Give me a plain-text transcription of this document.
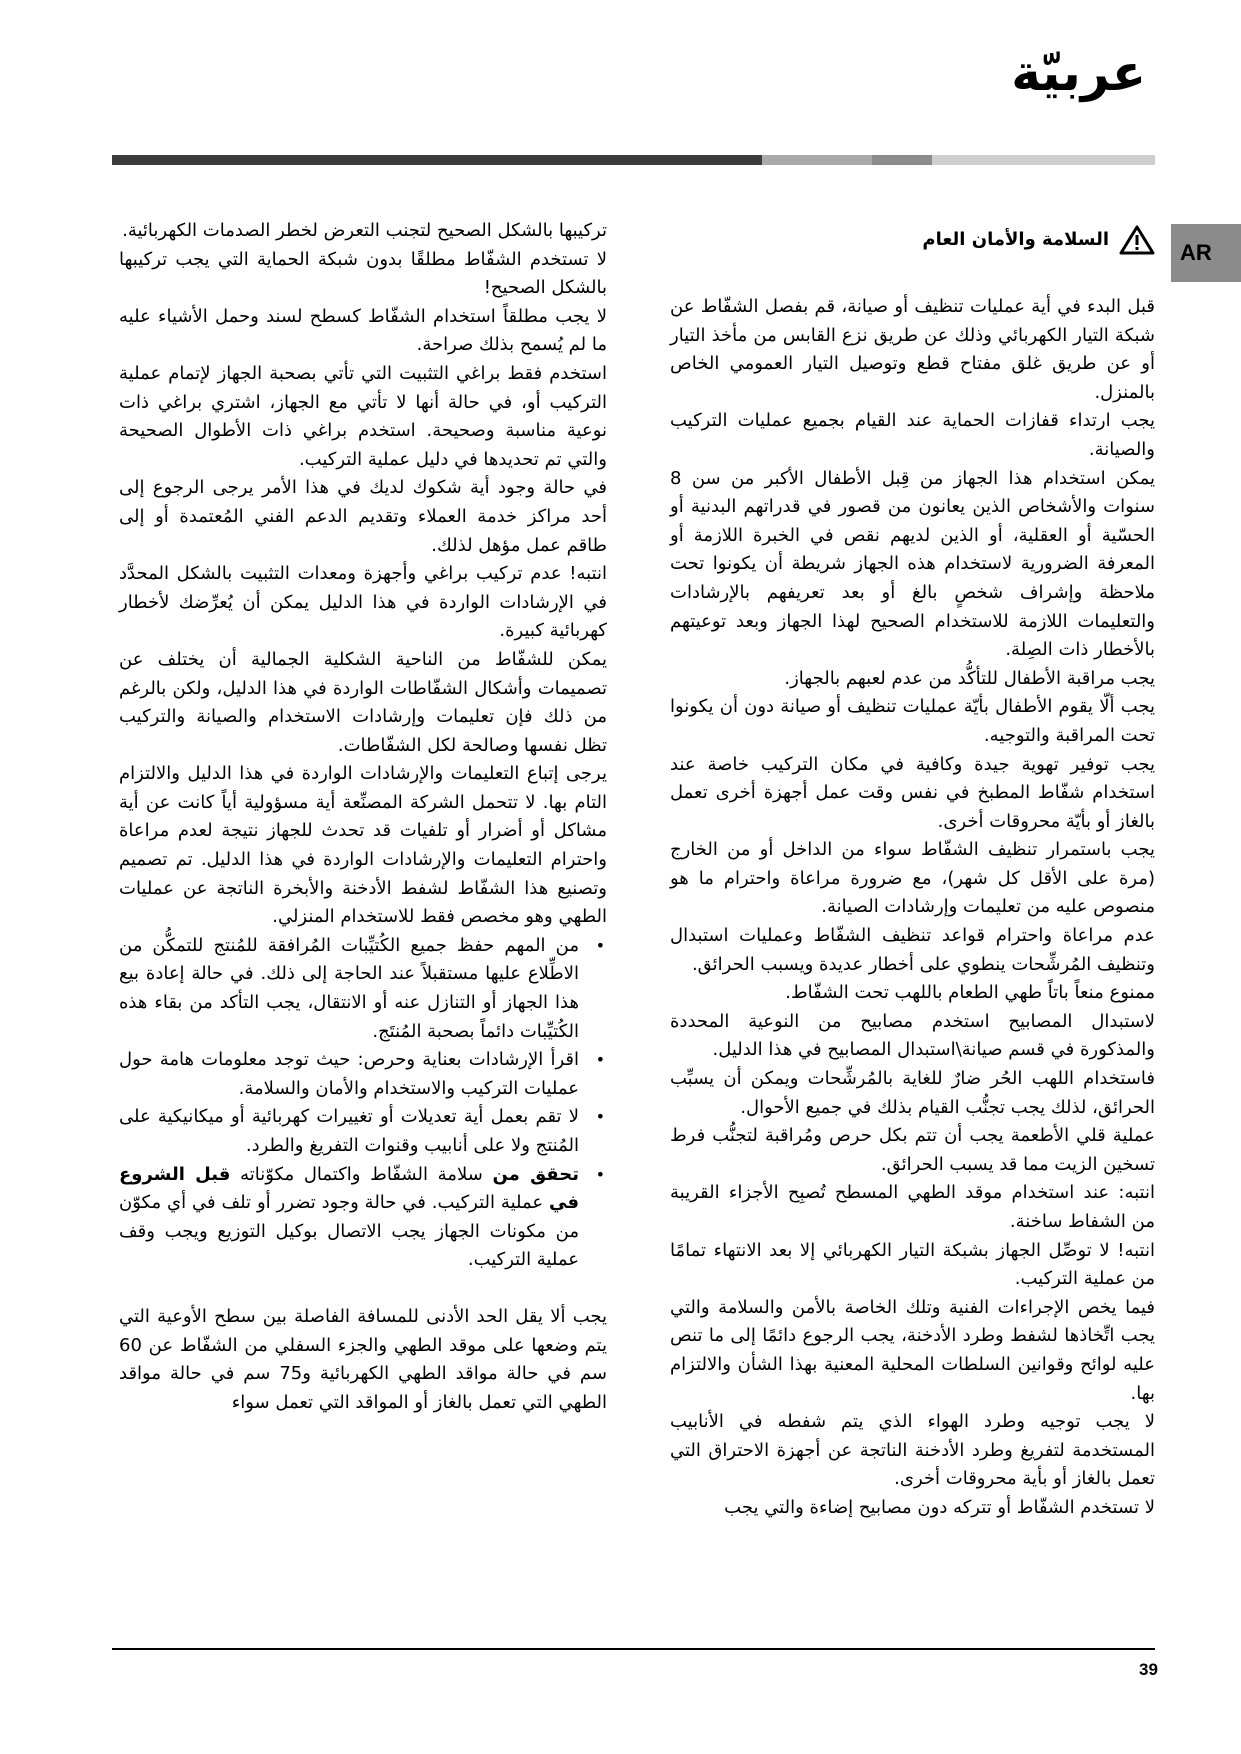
عربيّة
AR
السلامة والأمان العام

قبل البدء في أية عمليات تنظيف أو صيانة، قم بفصل الشفّاط عن شبكة التيار الكهربائي وذلك عن طريق نزع القابس من مأخذ التيار أو عن طريق غلق مفتاح قطع وتوصيل التيار العمومي الخاص بالمنزل.

يجب ارتداء قفازات الحماية عند القيام بجميع عمليات التركيب والصيانة.

يمكن استخدام هذا الجهاز من قِبل الأطفال الأكبر من سن 8 سنوات والأشخاص الذين يعانون من قصور في قدراتهم البدنية أو الحسّية أو العقلية، أو الذين لديهم نقص في الخبرة اللازمة أو المعرفة الضرورية لاستخدام هذه الجهاز شريطة أن يكونوا تحت ملاحظة وإشراف شخصٍ بالغ أو بعد تعريفهم بالإرشادات والتعليمات اللازمة للاستخدام الصحيح لهذا الجهاز وبعد توعيتهم بالأخطار ذات الصِلة.

يجب مراقبة الأطفال للتأكُّد من عدم لعبهم بالجهاز.

يجب ألّا يقوم الأطفال بأيّة عمليات تنظيف أو صيانة دون أن يكونوا تحت المراقبة والتوجيه.

يجب توفير تهوية جيدة وكافية في مكان التركيب خاصة عند استخدام شفّاط المطبخ في نفس وقت عمل أجهزة أخرى تعمل بالغاز أو بأيّة محروقات أخرى.

يجب باستمرار تنظيف الشفّاط سواء من الداخل أو من الخارج (مرة على الأقل كل شهر)، مع ضرورة مراعاة واحترام ما هو منصوص عليه من تعليمات وإرشادات الصيانة.

عدم مراعاة واحترام قواعد تنظيف الشفّاط وعمليات استبدال وتنظيف المُرشِّحات ينطوي على أخطار عديدة ويسبب الحرائق.

ممنوع منعاً باتاً طهي الطعام باللهب تحت الشفّاط.

لاستبدال المصابيح استخدم مصابيح من النوعية المحددة والمذكورة في قسم صيانة\استبدال المصابيح في هذا الدليل.

فاستخدام اللهب الحُر ضارٌ للغاية بالمُرشِّحات ويمكن أن يسبِّب الحرائق، لذلك يجب تجنُّب القيام بذلك في جميع الأحوال.

عملية قلي الأطعمة يجب أن تتم بكل حرص ومُراقبة لتجنُّب فرط تسخين الزيت مما قد يسبب الحرائق.

انتبه: عند استخدام موقد الطهي المسطح تُصبِح الأجزاء القريبة من الشفاط ساخنة.

انتبه! لا توصِّل الجهاز بشبكة التيار الكهربائي إلا بعد الانتهاء تمامًا من عملية التركيب.

فيما يخص الإجراءات الفنية وتلك الخاصة بالأمن والسلامة والتي يجب اتِّخاذها لشفط وطرد الأدخنة، يجب الرجوع دائمًا إلى ما تنص عليه لوائح وقوانين السلطات المحلية المعنية بهذا الشأن والالتزام بها.

لا يجب توجيه وطرد الهواء الذي يتم شفطه في الأنابيب المستخدمة لتفريغ وطرد الأدخنة الناتجة عن أجهزة الاحتراق التي تعمل بالغاز أو بأية محروقات أخرى.

لا تستخدم الشفّاط أو تتركه دون مصابيح إضاءة والتي يجب

تركيبها بالشكل الصحيح لتجنب التعرض لخطر الصدمات الكهربائية.

لا تستخدم الشفّاط مطلقًا بدون شبكة الحماية التي يجب تركيبها بالشكل الصحيح!

لا يجب مطلقاً استخدام الشفّاط كسطح لسند وحمل الأشياء عليه ما لم يُسمح بذلك صراحة.

استخدم فقط براغي التثبيت التي تأتي بصحبة الجهاز لإتمام عملية التركيب أو، في حالة أنها لا تأتي مع الجهاز، اشتري براغي ذات نوعية مناسبة وصحيحة. استخدم براغي ذات الأطوال الصحيحة والتي تم تحديدها في دليل عملية التركيب.

في حالة وجود أية شكوك لديك في هذا الأمر يرجى الرجوع إلى أحد مراكز خدمة العملاء وتقديم الدعم الفني المُعتمدة أو إلى طاقم عمل مؤهل لذلك.

انتبه! عدم تركيب براغي وأجهزة ومعدات التثبيت بالشكل المحدَّد في الإرشادات الواردة في هذا الدليل يمكن أن يُعرِّضك لأخطار كهربائية كبيرة.

يمكن للشفّاط من الناحية الشكلية الجمالية أن يختلف عن تصميمات وأشكال الشفّاطات الواردة في هذا الدليل، ولكن بالرغم من ذلك فإن تعليمات وإرشادات الاستخدام والصيانة والتركيب تظل نفسها وصالحة لكل الشفّاطات.

يرجى إتباع التعليمات والإرشادات الواردة في هذا الدليل والالتزام التام بها. لا تتحمل الشركة المصنِّعة أية مسؤولية أياً كانت عن أية مشاكل أو أضرار أو تلفيات قد تحدث للجهاز نتيجة لعدم مراعاة واحترام التعليمات والإرشادات الواردة في هذا الدليل. تم تصميم وتصنيع هذا الشفّاط لشفط الأدخنة والأبخرة الناتجة عن عمليات الطهي وهو مخصص فقط للاستخدام المنزلي.

• من المهم حفظ جميع الكُتيِّبات المُرافقة للمُنتج للتمكُّن من الاطِّلاع عليها مستقبلاً عند الحاجة إلى ذلك. في حالة إعادة بيع هذا الجهاز أو التنازل عنه أو الانتقال، يجب التأكد من بقاء هذه الكُتيِّبات دائماً بصحبة المُنتَج.
• اقرأ الإرشادات بعناية وحرص: حيث توجد معلومات هامة حول عمليات التركيب والاستخدام والأمان والسلامة.
• لا تقم بعمل أية تعديلات أو تغييرات كهربائية أو ميكانيكية على المُنتج ولا على أنابيب وقنوات التفريغ والطرد.
• تحقق من سلامة الشفّاط واكتمال مكوّناته قبل الشروع في عملية التركيب. في حالة وجود تضرر أو تلف في أي مكوّن من مكونات الجهاز يجب الاتصال بوكيل التوزيع ويجب وقف عملية التركيب.

يجب ألا يقل الحد الأدنى للمسافة الفاصلة بين سطح الأوعية التي يتم وضعها على موقد الطهي والجزء السفلي من الشفّاط عن 60 سم في حالة مواقد الطهي الكهربائية و75 سم في حالة مواقد الطهي التي تعمل بالغاز أو المواقد التي تعمل سواء

39
